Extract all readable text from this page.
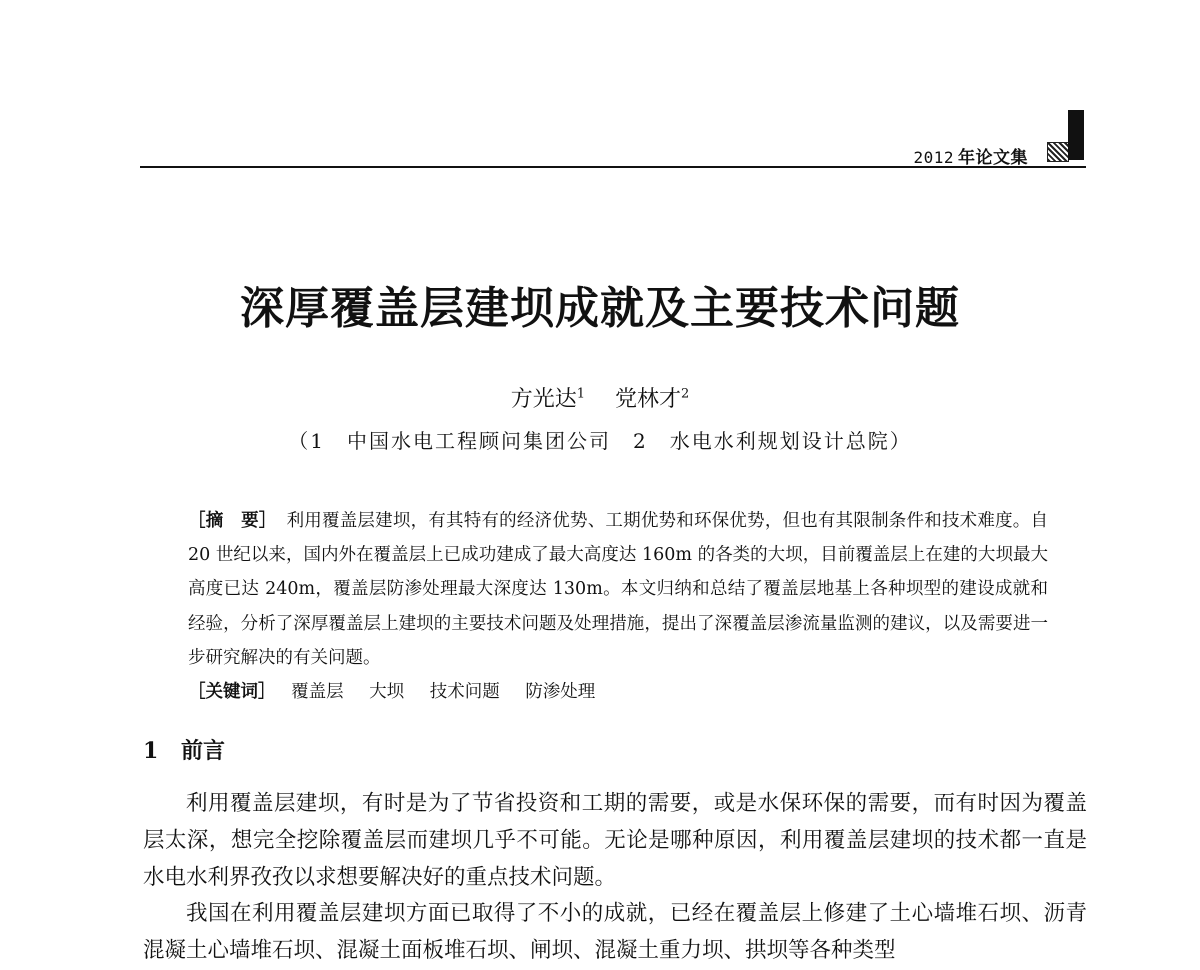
2012 年论文集
深厚覆盖层建坝成就及主要技术问题
方光达$^1$ 党林才$^2$
（1　中国水电工程顾问集团公司　2　水电水利规划设计总院）
［摘　要］ 利用覆盖层建坝，有其特有的经济优势、工期优势和环保优势，但也有其限制条件和技术难度。自 20 世纪以来，国内外在覆盖层上已成功建成了最大高度达 160m 的各类的大坝，目前覆盖层上在建的大坝最大高度已达 240m，覆盖层防渗处理最大深度达 130m。本文归纳和总结了覆盖层地基上各种坝型的建设成就和经验，分析了深厚覆盖层上建坝的主要技术问题及处理措施，提出了深覆盖层渗流量监测的建议，以及需要进一步研究解决的有关问题。
［关键词］ 覆盖层 大坝 技术问题 防渗处理
1 前言

利用覆盖层建坝，有时是为了节省投资和工期的需要，或是水保环保的需要，而有时因为覆盖层太深，想完全挖除覆盖层而建坝几乎不可能。无论是哪种原因，利用覆盖层建坝的技术都一直是水电水利界孜孜以求想要解决好的重点技术问题。

我国在利用覆盖层建坝方面已取得了不小的成就，已经在覆盖层上修建了土心墙堆石坝、沥青混凝土心墙堆石坝、混凝土面板堆石坝、闸坝、混凝土重力坝、拱坝等各种类型
